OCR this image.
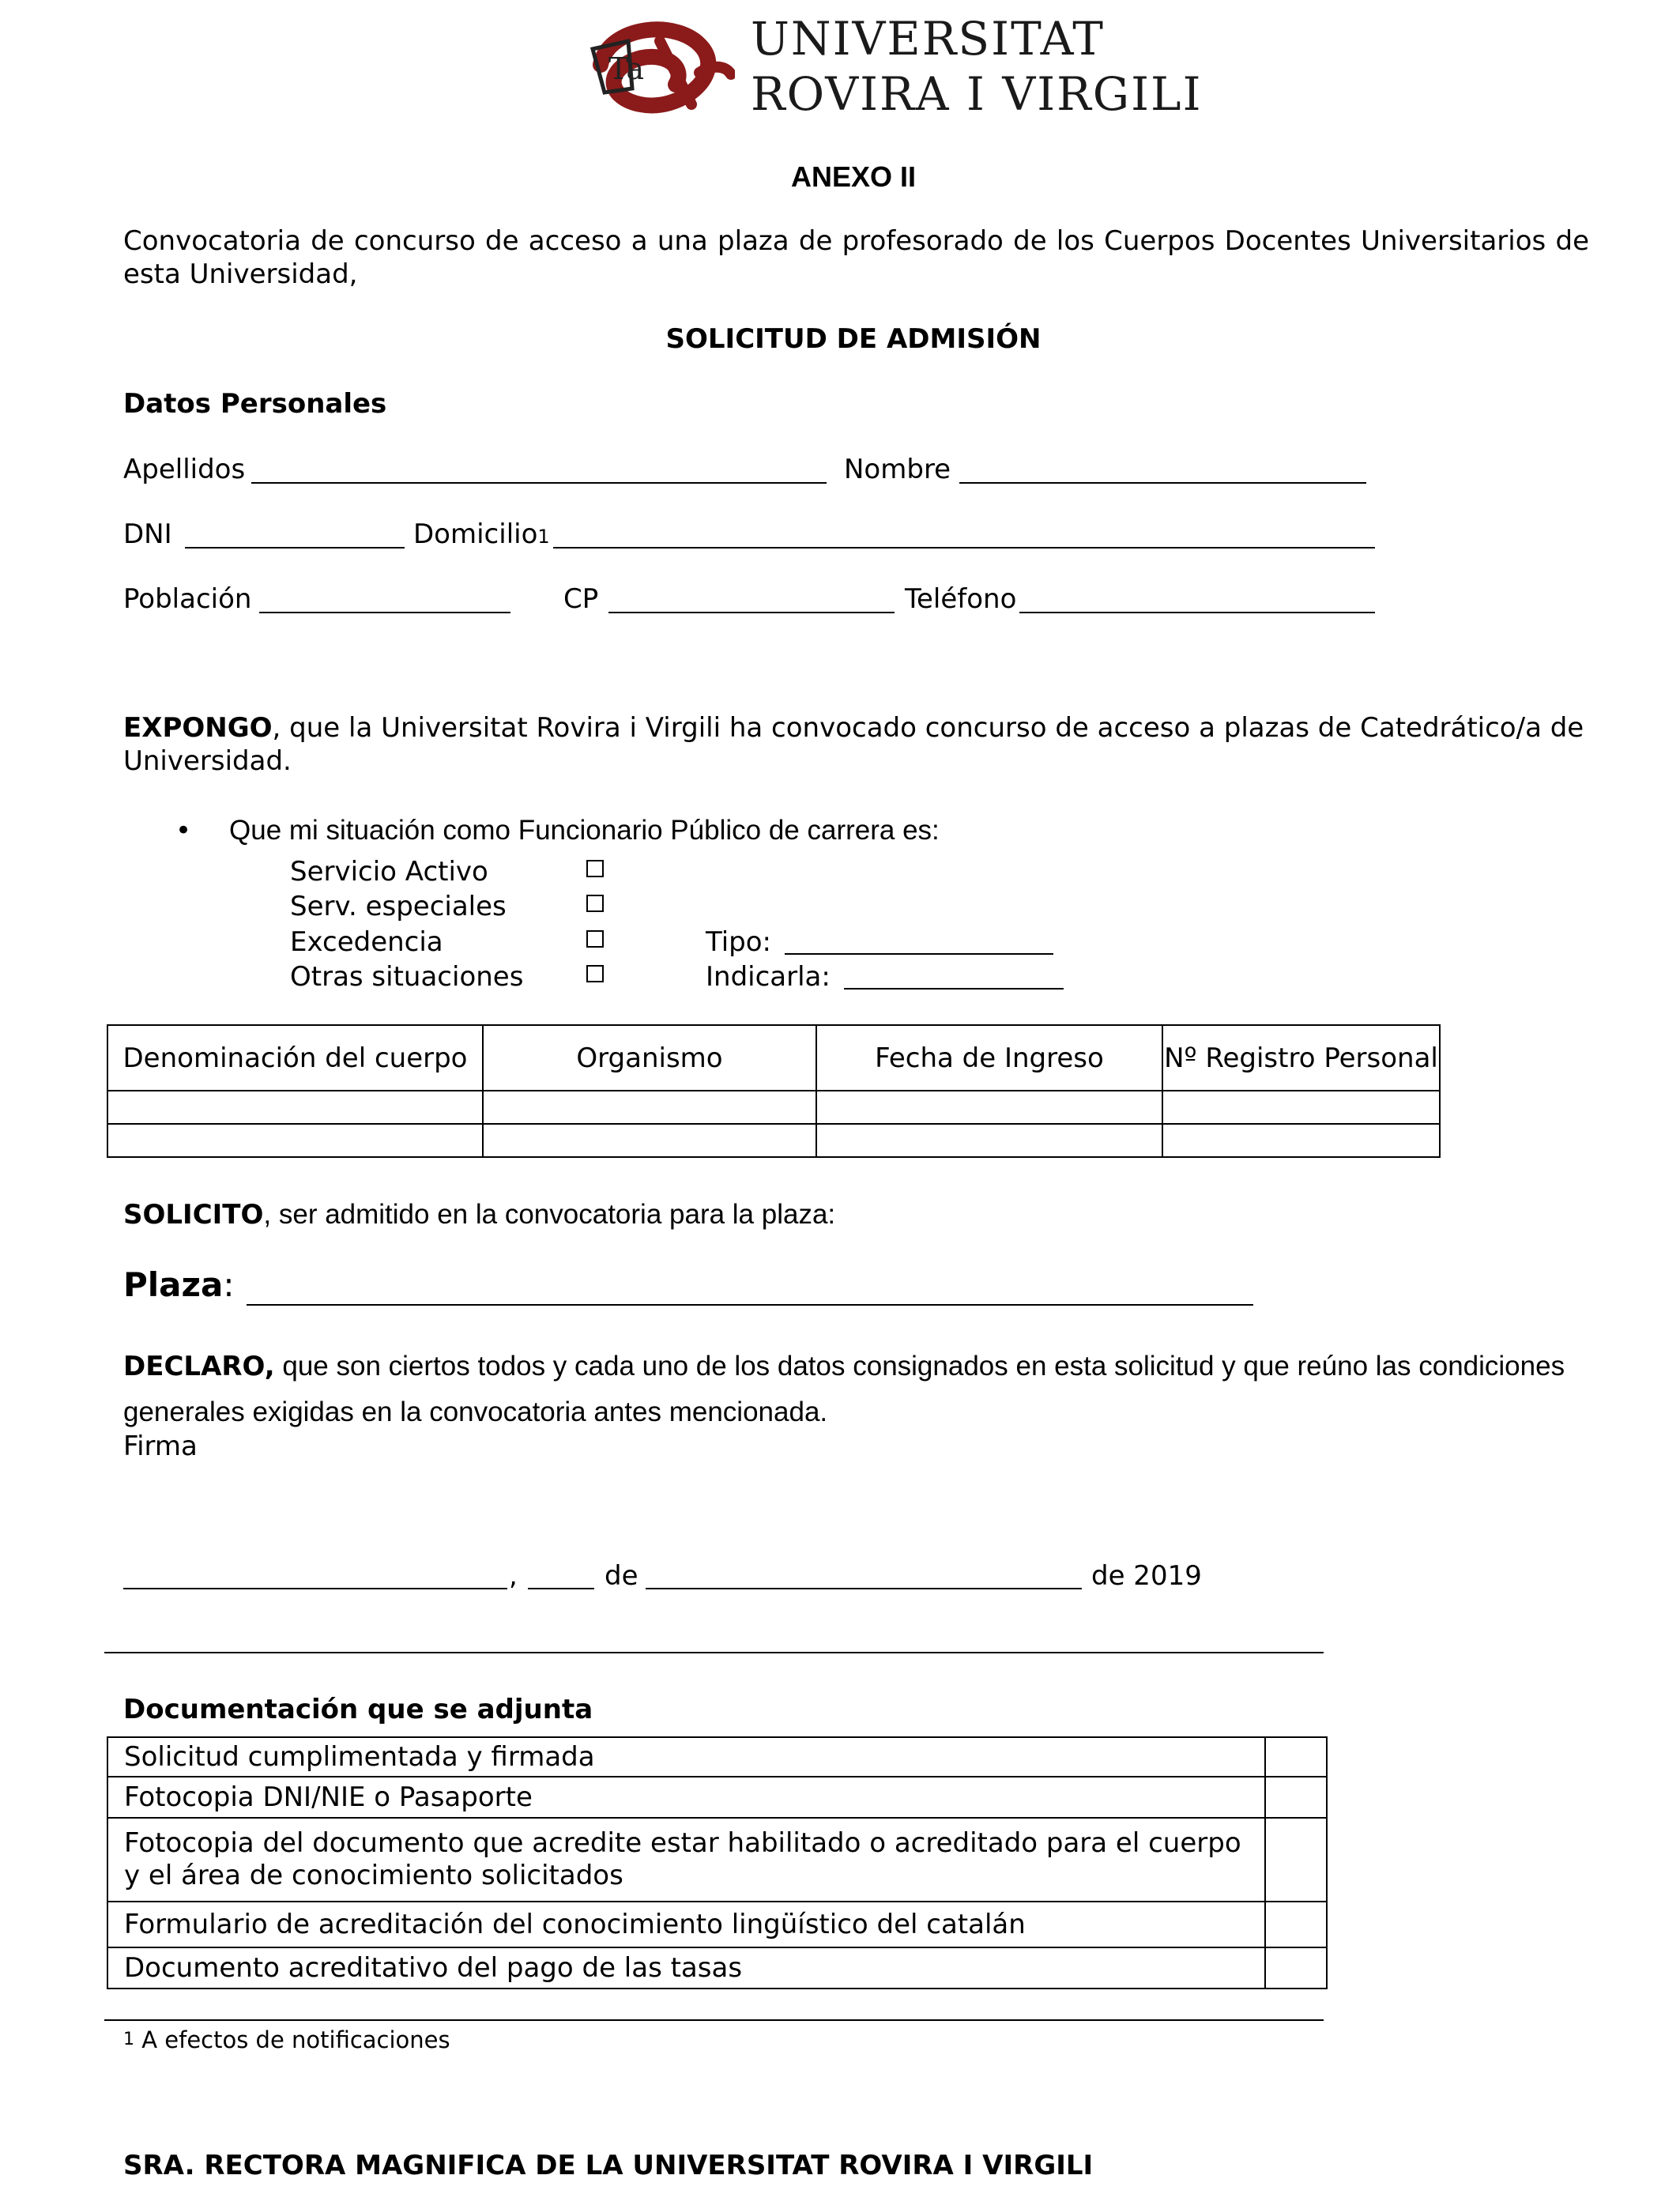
Ta
UNIVERSITAT
ROVIRA I VIRGILI
ANEXO II
Convocatoria de concurso de acceso a una plaza de profesorado de los Cuerpos Docentes Universitarios de esta Universidad,
SOLICITUD DE ADMISIÓN
Datos Personales
Apellidos	Nombre
DNI	Domicilio1
Población	CP	Teléfono
EXPONGO, que la Universitat Rovira i Virgili ha convocado concurso de acceso a plazas de Catedrático/a de Universidad.
• Que mi situación como Funcionario Público de carrera es:
Servicio Activo
Serv. especiales
Excedencia
Otras situaciones
Tipo:
Indicarla:
Denominación del cuerpo	Organismo	Fecha de Ingreso	Nº Registro Personal

SOLICITO, ser admitido en la convocatoria para la plaza:
Plaza:
DECLARO, que son ciertos todos y cada uno de los datos consignados en esta solicitud y que reúno las condiciones generales exigidas en la convocatoria antes mencionada.
Firma
,	de	de 2019
Documentación que se adjunta
Solicitud cumplimentada y firmada	
Fotocopia DNI/NIE o Pasaporte	
Fotocopia del documento que acredite estar habilitado o acreditado para el cuerpo y el área de conocimiento solicitados	
Formulario de acreditación del conocimiento lingüístico del catalán	
Documento acreditativo del pago de las tasas	
$^1$ A efectos de notificaciones
SRA. RECTORA MAGNIFICA DE LA UNIVERSITAT ROVIRA I VIRGILI
